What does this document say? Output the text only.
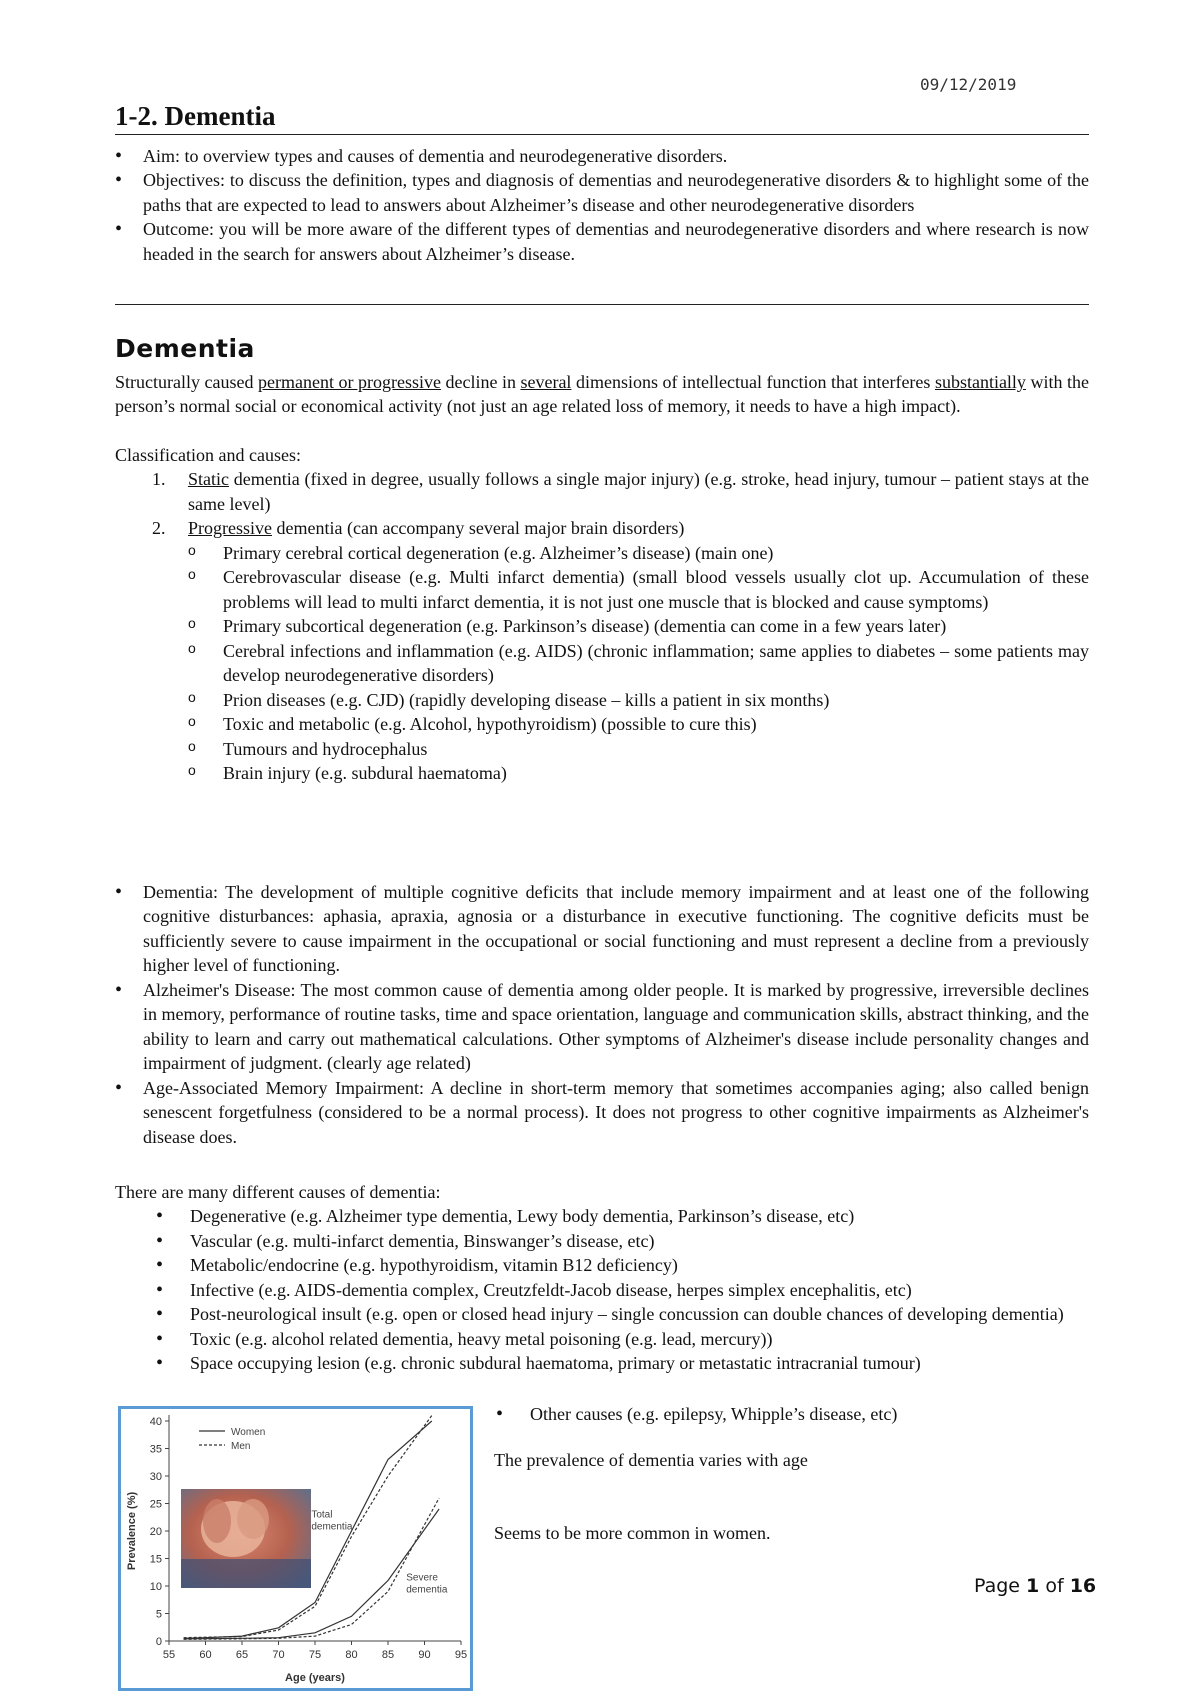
09/12/2019
1-2. Dementia
• Aim: to overview types and causes of dementia and neurodegenerative disorders.
• Objectives: to discuss the definition, types and diagnosis of dementias and neurodegenerative disorders & to highlight some of the paths that are expected to lead to answers about Alzheimer’s disease and other neurodegenerative disorders
• Outcome: you will be more aware of the different types of dementias and neurodegenerative disorders and where research is now headed in the search for answers about Alzheimer’s disease.
Dementia

Structurally caused permanent or progressive decline in several dimensions of intellectual function that interferes substantially with the person’s normal social or economical activity (not just an age related loss of memory, it needs to have a high impact).

Classification and causes:

1. Static dementia (fixed in degree, usually follows a single major injury) (e.g. stroke, head injury, tumour – patient stays at the same level)
2. Progressive dementia (can accompany several major brain disorders)
o Primary cerebral cortical degeneration (e.g. Alzheimer’s disease) (main one)
o Cerebrovascular disease (e.g. Multi infarct dementia) (small blood vessels usually clot up. Accumulation of these problems will lead to multi infarct dementia, it is not just one muscle that is blocked and cause symptoms)
o Primary subcortical degeneration (e.g. Parkinson’s disease) (dementia can come in a few years later)
o Cerebral infections and inflammation (e.g. AIDS) (chronic inflammation; same applies to diabetes – some patients may develop neurodegenerative disorders)
o Prion diseases (e.g. CJD) (rapidly developing disease – kills a patient in six months)
o Toxic and metabolic (e.g. Alcohol, hypothyroidism) (possible to cure this)
o Tumours and hydrocephalus
o Brain injury (e.g. subdural haematoma)
• Dementia: The development of multiple cognitive deficits that include memory impairment and at least one of the following cognitive disturbances: aphasia, apraxia, agnosia or a disturbance in executive functioning. The cognitive deficits must be sufficiently severe to cause impairment in the occupational or social functioning and must represent a decline from a previously higher level of functioning.
• Alzheimer's Disease: The most common cause of dementia among older people. It is marked by progressive, irreversible declines in memory, performance of routine tasks, time and space orientation, language and communication skills, abstract thinking, and the ability to learn and carry out mathematical calculations. Other symptoms of Alzheimer's disease include personality changes and impairment of judgment. (clearly age related)
• Age-Associated Memory Impairment: A decline in short-term memory that sometimes accompanies aging; also called benign senescent forgetfulness (considered to be a normal process). It does not progress to other cognitive impairments as Alzheimer's disease does.

There are many different causes of dementia:

• Degenerative (e.g. Alzheimer type dementia, Lewy body dementia, Parkinson’s disease, etc)
• Vascular (e.g. multi-infarct dementia, Binswanger’s disease, etc)
• Metabolic/endocrine (e.g. hypothyroidism, vitamin B12 deficiency)
• Infective (e.g. AIDS-dementia complex, Creutzfeldt-Jacob disease, herpes simplex encephalitis, etc)
• Post-neurological insult (e.g. open or closed head injury – single concussion can double chances of developing dementia)
• Toxic (e.g. alcohol related dementia, heavy metal poisoning (e.g. lead, mercury))
• Space occupying lesion (e.g. chronic subdural haematoma, primary or metastatic intracranial tumour)
55 60 65 70 75 80 85 90 95
0
5
10
15
20
25
30
35
40
Age (years)
Prevalence (%)
Women
Men
Total
dementia
Severe
dementia
• Other causes (e.g. epilepsy, Whipple’s disease, etc)
The prevalence of dementia varies with age
Seems to be more common in women.
Page 1 of 16
